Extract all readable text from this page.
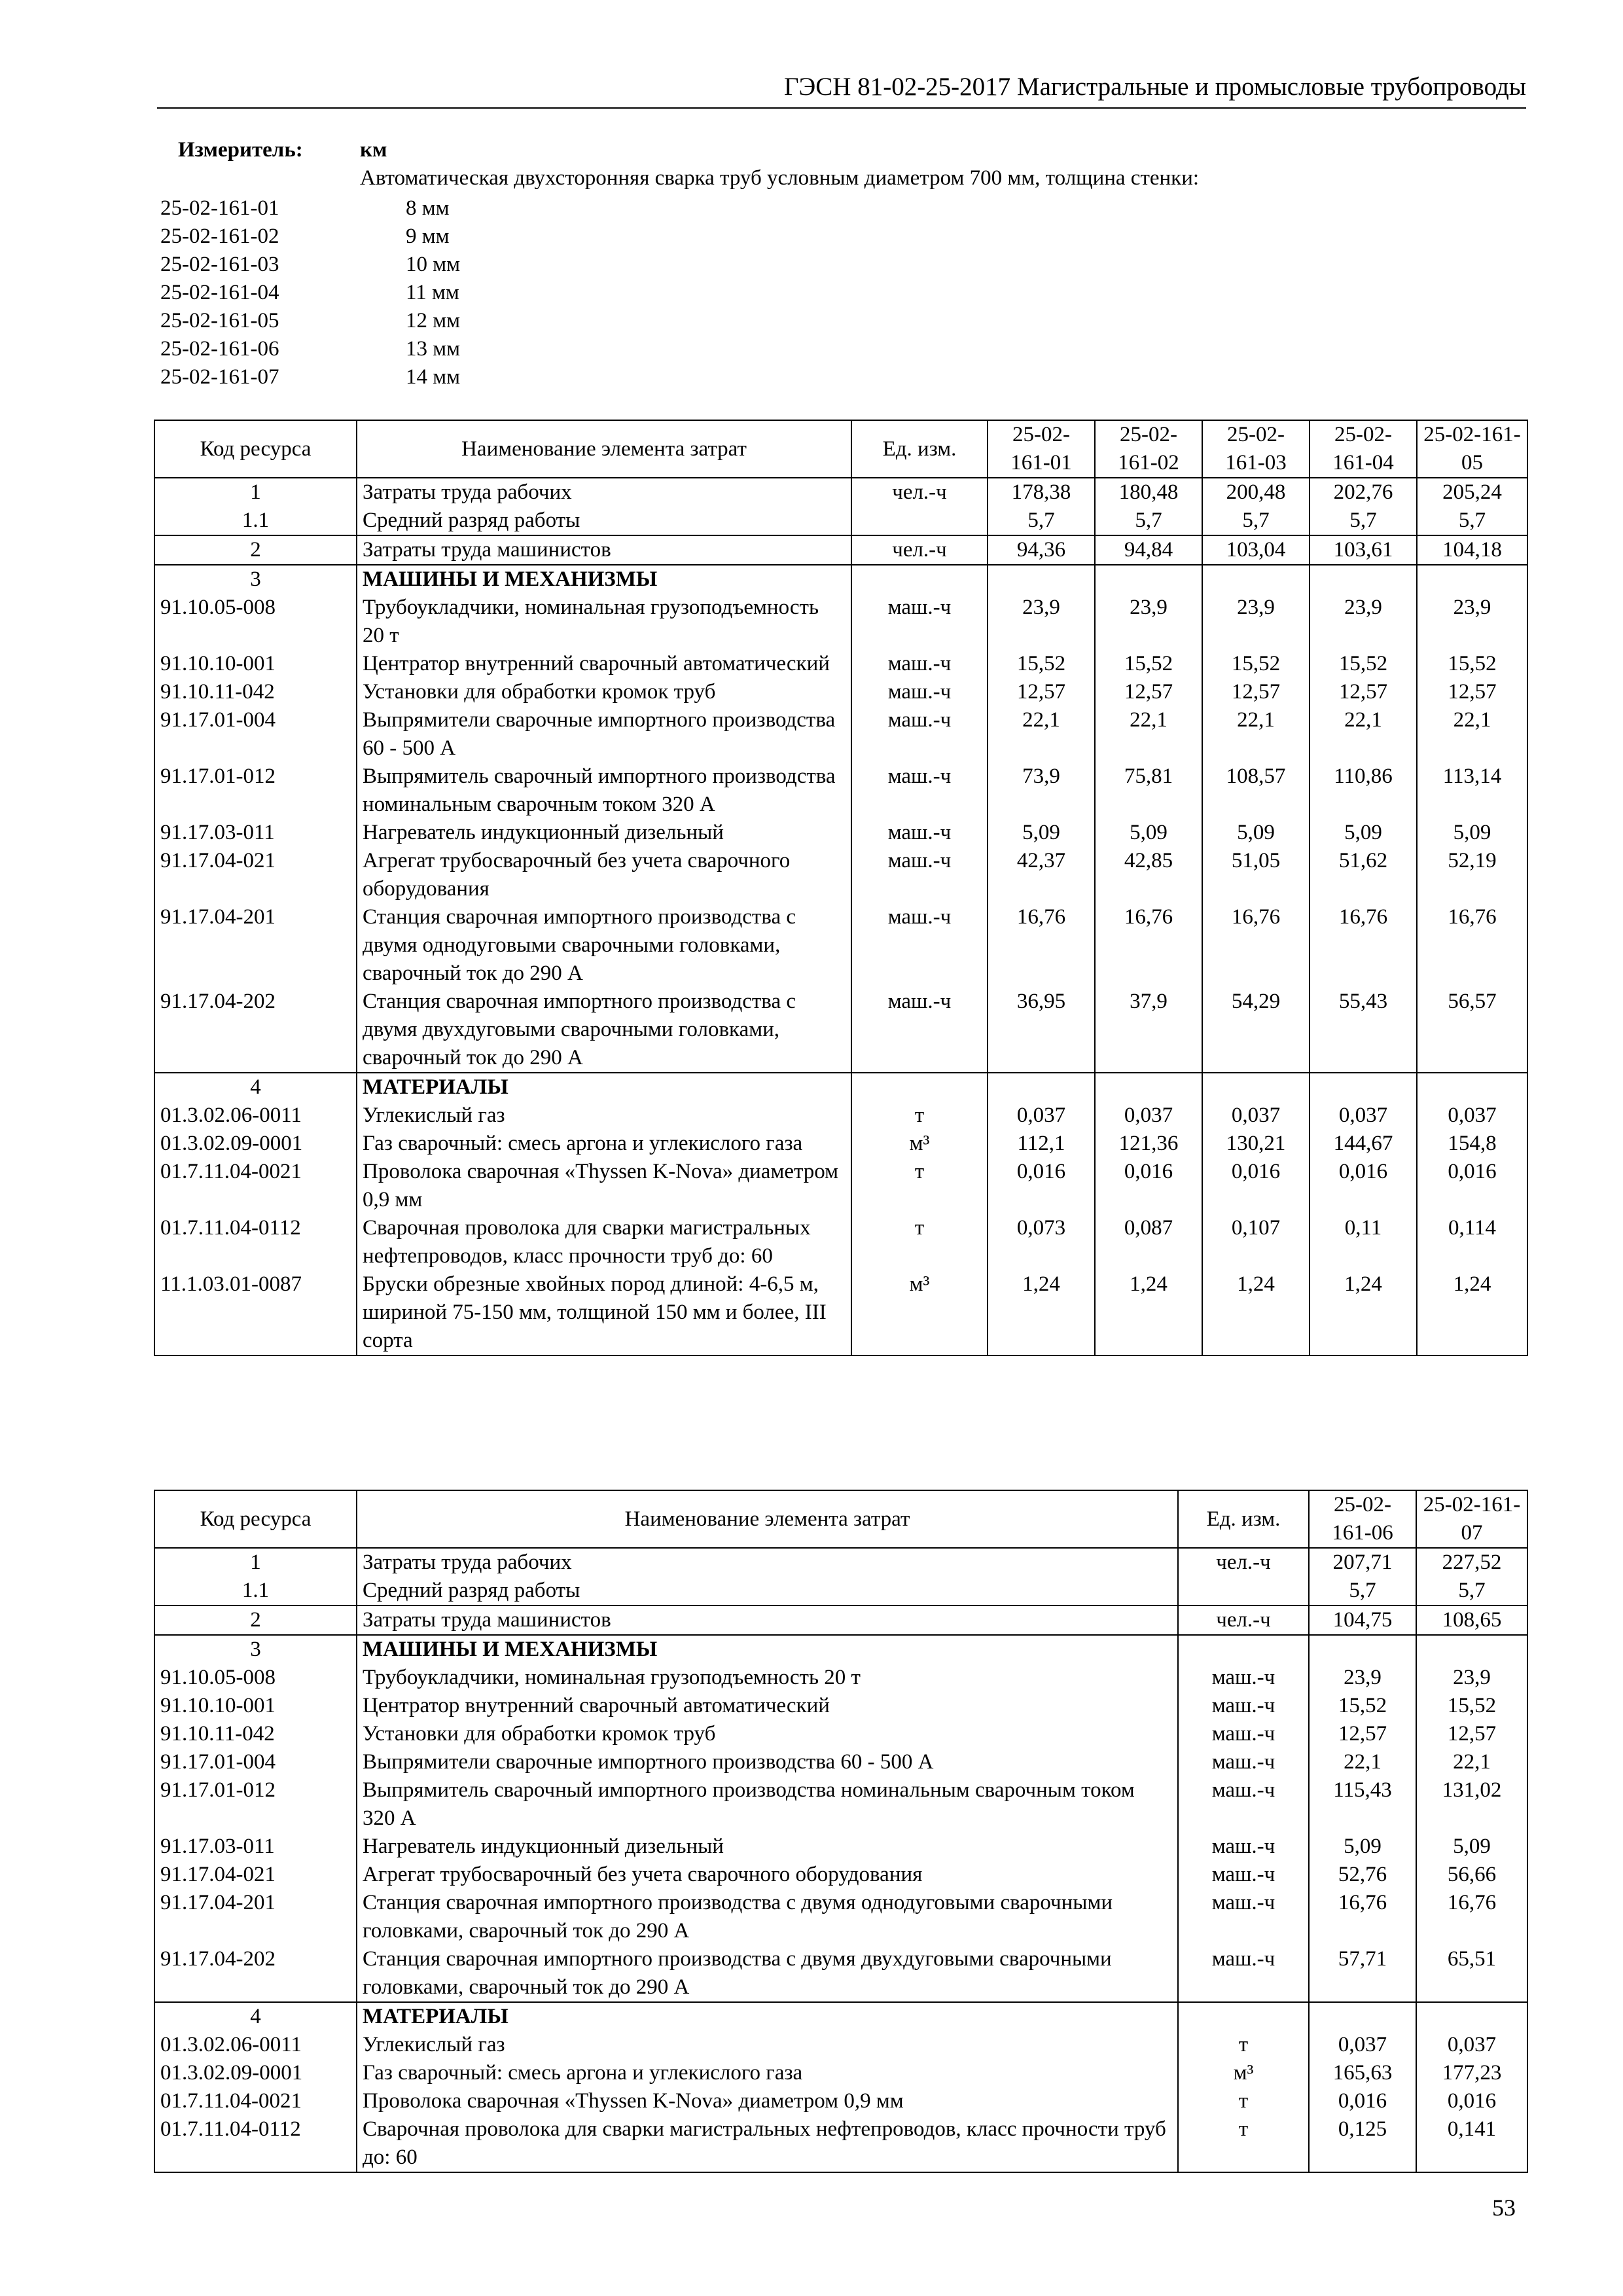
ГЭСН 81-02-25-2017 Магистральные и промысловые трубопроводы
Измеритель:	км
Автоматическая двухсторонняя сварка труб условным диаметром 700 мм, толщина стенки:
25-02-161-01	8 мм
25-02-161-02	9 мм
25-02-161-03	10 мм
25-02-161-04	11 мм
25-02-161-05	12 мм
25-02-161-06	13 мм
25-02-161-07	14 мм
Код ресурса	Наименование элемента затрат	Ед. изм.	25-02-161-01	25-02-161-02	25-02-161-03	25-02-161-04	25-02-161-05
1	Затраты труда рабочих	чел.-ч	178,38	180,48	200,48	202,76	205,24
1.1	Средний разряд работы		5,7	5,7	5,7	5,7	5,7
2	Затраты труда машинистов	чел.-ч	94,36	94,84	103,04	103,61	104,18
3	МАШИНЫ И МЕХАНИЗМЫ						
91.10.05-008	Трубоукладчики, номинальная грузоподъемность 20 т	маш.-ч	23,9	23,9	23,9	23,9	23,9
91.10.10-001	Центратор внутренний сварочный автоматический	маш.-ч	15,52	15,52	15,52	15,52	15,52
91.10.11-042	Установки для обработки кромок труб	маш.-ч	12,57	12,57	12,57	12,57	12,57
91.17.01-004	Выпрямители сварочные импортного производства 60 - 500 А	маш.-ч	22,1	22,1	22,1	22,1	22,1
91.17.01-012	Выпрямитель сварочный импортного производства номинальным сварочным током 320 А	маш.-ч	73,9	75,81	108,57	110,86	113,14
91.17.03-011	Нагреватель индукционный дизельный	маш.-ч	5,09	5,09	5,09	5,09	5,09
91.17.04-021	Агрегат трубосварочный без учета сварочного оборудования	маш.-ч	42,37	42,85	51,05	51,62	52,19
91.17.04-201	Станция сварочная импортного производства с двумя однодуговыми сварочными головками, сварочный ток до 290 А	маш.-ч	16,76	16,76	16,76	16,76	16,76
91.17.04-202	Станция сварочная импортного производства с двумя двухдуговыми сварочными головками, сварочный ток до 290 А	маш.-ч	36,95	37,9	54,29	55,43	56,57
4	МАТЕРИАЛЫ						
01.3.02.06-0011	Углекислый газ	т	0,037	0,037	0,037	0,037	0,037
01.3.02.09-0001	Газ сварочный: смесь аргона и углекислого газа	м³	112,1	121,36	130,21	144,67	154,8
01.7.11.04-0021	Проволока сварочная «Thyssen K-Nova» диаметром 0,9 мм	т	0,016	0,016	0,016	0,016	0,016
01.7.11.04-0112	Сварочная проволока для сварки магистральных нефтепроводов, класс прочности труб до: 60	т	0,073	0,087	0,107	0,11	0,114
11.1.03.01-0087	Бруски обрезные хвойных пород длиной: 4-6,5 м, шириной 75-150 мм, толщиной 150 мм и более, III сорта	м³	1,24	1,24	1,24	1,24	1,24
Код ресурса	Наименование элемента затрат	Ед. изм.	25-02-161-06	25-02-161-07
1	Затраты труда рабочих	чел.-ч	207,71	227,52
1.1	Средний разряд работы		5,7	5,7
2	Затраты труда машинистов	чел.-ч	104,75	108,65
3	МАШИНЫ И МЕХАНИЗМЫ			
91.10.05-008	Трубоукладчики, номинальная грузоподъемность 20 т	маш.-ч	23,9	23,9
91.10.10-001	Центратор внутренний сварочный автоматический	маш.-ч	15,52	15,52
91.10.11-042	Установки для обработки кромок труб	маш.-ч	12,57	12,57
91.17.01-004	Выпрямители сварочные импортного производства 60 - 500 А	маш.-ч	22,1	22,1
91.17.01-012	Выпрямитель сварочный импортного производства номинальным сварочным током 320 А	маш.-ч	115,43	131,02
91.17.03-011	Нагреватель индукционный дизельный	маш.-ч	5,09	5,09
91.17.04-021	Агрегат трубосварочный без учета сварочного оборудования	маш.-ч	52,76	56,66
91.17.04-201	Станция сварочная импортного производства с двумя однодуговыми сварочными головками, сварочный ток до 290 А	маш.-ч	16,76	16,76
91.17.04-202	Станция сварочная импортного производства с двумя двухдуговыми сварочными головками, сварочный ток до 290 А	маш.-ч	57,71	65,51
4	МАТЕРИАЛЫ			
01.3.02.06-0011	Углекислый газ	т	0,037	0,037
01.3.02.09-0001	Газ сварочный: смесь аргона и углекислого газа	м³	165,63	177,23
01.7.11.04-0021	Проволока сварочная «Thyssen K-Nova» диаметром 0,9 мм	т	0,016	0,016
01.7.11.04-0112	Сварочная проволока для сварки магистральных нефтепроводов, класс прочности труб до: 60	т	0,125	0,141
53
